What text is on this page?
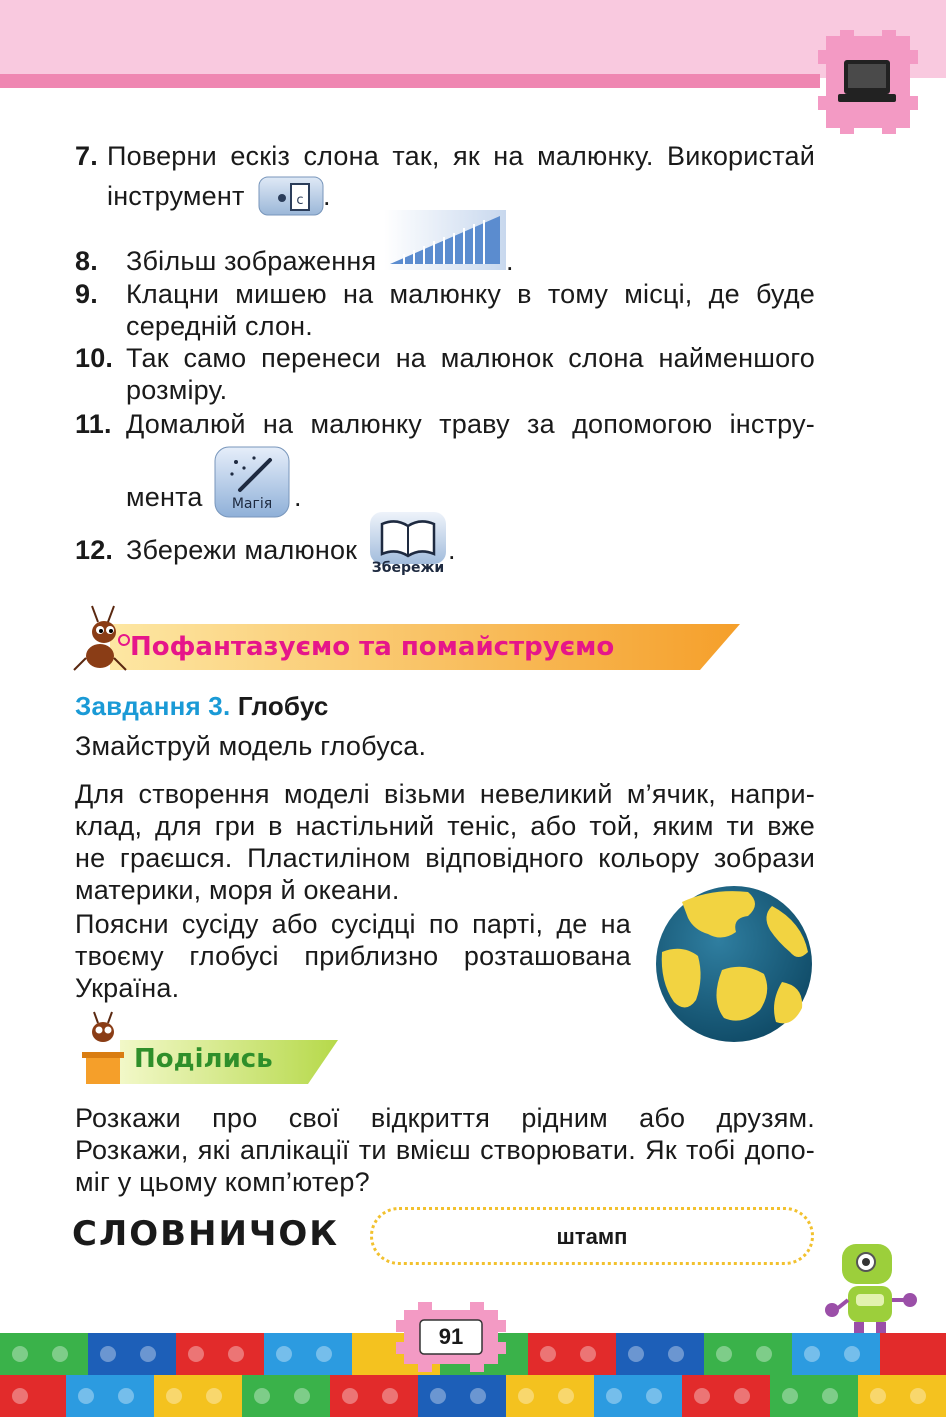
7. Поверни ескіз слона так, як на малюнку. Використай
інструмент	c .
8. Збільш зображення	.
9. Клацни мишею на малюнку в тому місці, де буде
середній слон.
10. Так само перенеси на малюнок слона найменшого
розміру.
11. Домалюй на малюнку траву за допомогою інстру-
мента	Магія .
12. Збережи малюнок
Збережи
.
Пофантазуємо та помайструємо
Завдання 3. Глобус
Змайструй модель глобуса.
Для створення моделі візьми невеликий м’ячик, напри-
клад, для гри в настільний теніс, або той, яким ти вже
не граєшся. Пластиліном відповідного кольору зобрази
материки, моря й океани.
Поясни сусіду або сусідці по парті, де на
твоєму глобусі приблизно розташована
Україна.
Поділись
Розкажи про свої відкриття рідним або друзям.
Розкажи, які аплікації ти вмієш створювати. Як тобі допо-
міг у цьому комп’ютер?
СЛОВНИЧОК	штамп
91
